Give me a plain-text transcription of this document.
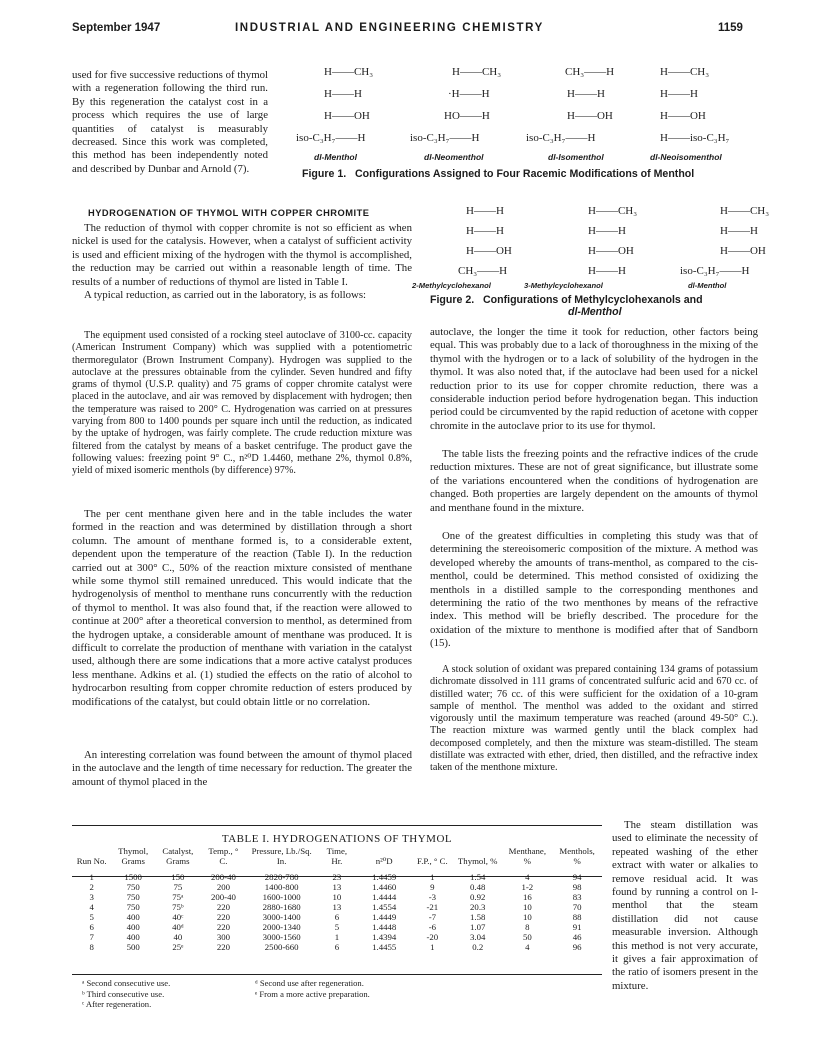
September 1947	INDUSTRIAL AND ENGINEERING CHEMISTRY	1159

used for five successive reductions of thymol with a regeneration following the third run. By this regeneration the catalyst cost in a process which requires the use of large quantities of catalyst is measurably decreased. Since this work was completed, this method has been independently noted and described by Dunbar and Arnold (7).

H——CH₃
H——H
H——OH
iso-C₃H₇——H
dl-Menthol
H——CH₃
·H——H
HO——H
iso-C₃H₇——H
dl-Neomenthol
CH₃——H
H——H
H——OH
iso-C₃H₇——H
dl-Isomenthol
H——CH₃
H——H
H——OH
H——iso-C₃H₇
dl-Neoisomenthol
Figure 1. Configurations Assigned to Four Racemic Modifications of Menthol
HYDROGENATION OF THYMOL WITH COPPER CHROMITE

The reduction of thymol with copper chromite is not so efficient as when nickel is used for the catalysis. However, when a catalyst of sufficient activity is used and efficient mixing of the hydrogen with the thymol is accomplished, the reduction may be carried out within a reasonable length of time. The results of a number of reductions of thymol are listed in Table I.

A typical reduction, as carried out in the laboratory, is as follows:

The equipment used consisted of a rocking steel autoclave of 3100-cc. capacity (American Instrument Company) which was supplied with a potentiometric thermoregulator (Brown Instrument Company). Hydrogen was supplied to the autoclave at the pressures obtainable from the cylinder. Seven hundred and fifty grams of thymol (U.S.P. quality) and 75 grams of copper chromite catalyst were placed in the autoclave, and air was removed by displacement with hydrogen; then the temperature was raised to 200° C. Hydrogenation was carried on at pressures varying from 800 to 1400 pounds per square inch until the reduction, as indicated by the uptake of hydrogen, was fairly complete. The crude reduction mixture was filtered from the catalyst by means of a basket centrifuge. The product gave the following values: freezing point 9° C., n²⁰D 1.4460, methane 2%, thymol 0.8%, yield of mixed isomeric menthols (by difference) 97%.

The per cent menthane given here and in the table includes the water formed in the reaction and was determined by distillation through a short column. The amount of menthane formed is, to a considerable extent, dependent upon the temperature of the reaction (Table I). In the reduction carried out at 300° C., 50% of the reaction mixture consisted of menthane while some thymol still remained unreduced. This would indicate that the hydrogenolysis of menthol to menthane runs concurrently with the reduction of thymol to menthol. It was also found that, if the reaction were allowed to continue at 200° after a theoretical conversion to menthol, as determined from the hydrogen uptake, a considerable amount of menthane was produced. It is difficult to correlate the production of menthane with variation in the catalyst used, although there are some indications that a more active catalyst produces less menthane. Adkins et al. (1) studied the effects on the ratio of alcohol to hydrocarbon resulting from copper chromite reduction of esters produced by modifications of the catalyst, but could obtain little or no correlation.

An interesting correlation was found between the amount of thymol placed in the autoclave and the length of time necessary for reduction. The greater the amount of thymol placed in the

H——H
H——H
H——OH
CH₃——H
2-Methylcyclohexanol
H——CH₃
H——H
H——OH
H——H
3-Methylcyclohexanol
H——CH₃
H——H
H——OH
iso-C₃H₇——H
dl-Menthol
Figure 2. Configurations of Methylcyclohexanols and
dl-Menthol

autoclave, the longer the time it took for reduction, other factors being equal. This was probably due to a lack of thoroughness in the mixing of the thymol with the hydrogen or to a lack of solubility of the hydrogen in the thymol. It was also noted that, if the autoclave had been used for a nickel reduction prior to its use for copper chromite reduction, there was a considerable induction period before hydrogenation began. This induction period could be circumvented by the rapid reduction of acetone with copper chromite in the autoclave prior to its use for thymol.

The table lists the freezing points and the refractive indices of the crude reduction mixtures. These are not of great significance, but illustrate some of the variations encountered when the conditions of hydrogenation are changed. Both properties are largely dependent on the amounts of thymol and menthane found in the mixture.

One of the greatest difficulties in completing this study was that of determining the stereoisomeric composition of the mixture. A method was developed whereby the amounts of trans-menthol, as compared to the cis-menthol, could be determined. This method consisted of oxidizing the menthols in a distilled sample to the corresponding menthones and determining the ratio of the two menthones by means of the refractive index. This method will be briefly described. The procedure for the oxidation of the mixture to menthone is modified after that of Sandborn (15).

A stock solution of oxidant was prepared containing 134 grams of potassium dichromate dissolved in 111 grams of concentrated sulfuric acid and 670 cc. of distilled water; 76 cc. of this were sufficient for the oxidation of a 10-gram sample of menthol. The menthol was added to the oxidant and stirred vigorously until the maximum temperature was reached (around 49-50° C.). The reaction mixture was warmed gently until the black complex had decomposed completely, and then the mixture was steam-distilled. The steam distillate was extracted with ether, dried, then distilled, and the refractive index taken of the menthone mixture.

The steam distillation was used to eliminate the necessity of repeated washing of the ether extract with water or alkalies to remove residual acid. It was found by running a control on l-menthol that the steam distillation did not cause measurable inversion. Although this method is not very accurate, it gives a fair approximation of the ratio of isomers present in the mixture.

TABLE I. HYDROGENATIONS OF THYMOL
Run No.	Thymol, Grams	Catalyst, Grams	Temp., ° C.	Pressure, Lb./Sq. In.	Time, Hr.	n²⁰D	F.P., ° C.	Thymol, %	Menthane, %	Menthols, %

1	1500	150	200-40	2820-780	23	1.4459	1	1.54	4	94
2	750	75	200	1400-800	13	1.4460	9	0.48	1-2	98
3	750	75ᵃ	200-40	1600-1000	10	1.4444	-3	0.92	16	83
4	750	75ᵇ	220	2880-1680	13	1.4554	-21	20.3	10	70
5	400	40ᶜ	220	3000-1400	6	1.4449	-7	1.58	10	88
6	400	40ᵈ	220	2000-1340	5	1.4448	-6	1.07	8	91
7	400	40	300	3000-1560	1	1.4394	-20	3.04	50	46
8	500	25ᵉ	220	2500-660	6	1.4455	1	0.2	4	96
ᵃ Second consecutive use.
ᵇ Third consecutive use.
ᶜ After regeneration.
ᵈ Second use after regeneration.
ᵉ From a more active preparation.
